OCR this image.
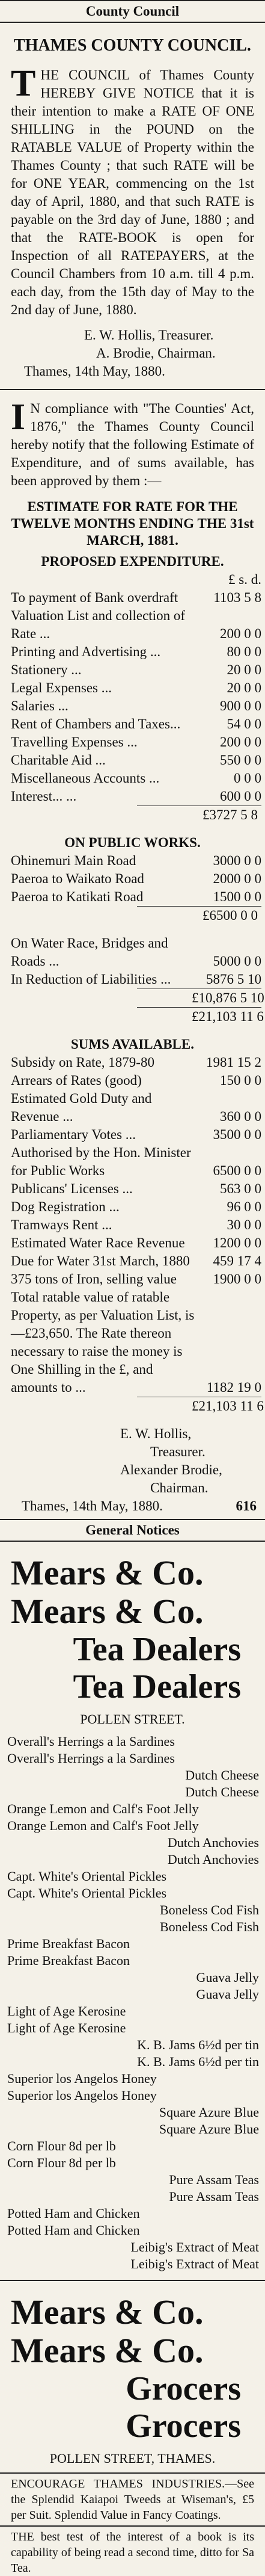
County Council
THAMES COUNTY COUNCIL.

T HE COUNCIL of Thames County HEREBY GIVE NOTICE that it is their intention to make a RATE OF ONE SHILLING in the POUND on the RATABLE VALUE of Property within the Thames County ; that such RATE will be for ONE YEAR, commencing on the 1st day of April, 1880, and that such RATE is payable on the 3rd day of June, 1880 ; and that the RATE-BOOK is open for Inspection of all RATEPAYERS, at the Council Chambers from 10 a.m. till 4 p.m. each day, from the 15th day of May to the 2nd day of June, 1880.

E. W. Hollis, Treasurer.
A. Brodie, Chairman.
Thames, 14th May, 1880.

I N compliance with "The Counties' Act, 1876," the Thames County Council hereby notify that the following Estimate of Expenditure, and of sums available, has been approved by them :—

ESTIMATE FOR RATE FOR THE TWELVE MONTHS ENDING THE 31st MARCH, 1881.
PROPOSED EXPENDITURE.
£ s. d.
To payment of Bank overdraft	1103 5 8
Valuation List and collection of Rate ...	200 0 0
Printing and Advertising ...	80 0 0
Stationery ...	20 0 0
Legal Expenses ...	20 0 0
Salaries ...	900 0 0
Rent of Chambers and Taxes...	54 0 0
Travelling Expenses ...	200 0 0
Charitable Aid ...	550 0 0
Miscellaneous Accounts ...	0 0 0
Interest... ...	600 0 0
£3727 5 8
ON PUBLIC WORKS.
Ohinemuri Main Road	3000 0 0
Paeroa to Waikato Road	2000 0 0
Paeroa to Katikati Road	1500 0 0
£6500 0 0
On Water Race, Bridges and Roads ...	5000 0 0
In Reduction of Liabilities ...	5876 5 10
£10,876 5 10
£21,103 11 6
SUMS AVAILABLE.
Subsidy on Rate, 1879-80	1981 15 2
Arrears of Rates (good)	150 0 0
Estimated Gold Duty and Revenue ...	360 0 0
Parliamentary Votes ...	3500 0 0
Authorised by the Hon. Minister for Public Works	6500 0 0
Publicans' Licenses ...	563 0 0
Dog Registration ...	96 0 0
Tramways Rent ...	30 0 0
Estimated Water Race Revenue	1200 0 0
Due for Water 31st March, 1880	459 17 4
375 tons of Iron, selling value	1900 0 0
Total ratable value of ratable Property, as per Valuation List, is—£23,650. The Rate thereon necessary to raise the money is One Shilling in the £, and amounts to ...	1182 19 0
£21,103 11 6
E. W. Hollis,
Treasurer.
Alexander Brodie,
Chairman.
Thames, 14th May, 1880.	616
General Notices
Mears & Co.
Mears & Co.
Tea Dealers
Tea Dealers
POLLEN STREET.
Overall's Herrings a la Sardines
Overall's Herrings a la Sardines
Dutch Cheese
Dutch Cheese
Orange Lemon and Calf's Foot Jelly
Orange Lemon and Calf's Foot Jelly
Dutch Anchovies
Dutch Anchovies
Capt. White's Oriental Pickles
Capt. White's Oriental Pickles
Boneless Cod Fish
Boneless Cod Fish
Prime Breakfast Bacon
Prime Breakfast Bacon
Guava Jelly
Guava Jelly
Light of Age Kerosine
Light of Age Kerosine
K. B. Jams 6½d per tin
K. B. Jams 6½d per tin
Superior los Angelos Honey
Superior los Angelos Honey
Square Azure Blue
Square Azure Blue
Corn Flour 8d per lb
Corn Flour 8d per lb
Pure Assam Teas
Pure Assam Teas
Potted Ham and Chicken
Potted Ham and Chicken
Leibig's Extract of Meat
Leibig's Extract of Meat
Mears & Co.
Mears & Co.
Grocers
Grocers
POLLEN STREET, THAMES.
ENCOURAGE THAMES INDUSTRIES.—See the Splendid Kaiapoi Tweeds at Wiseman's, £5 per Suit. Splendid Value in Fancy Coatings.
THE best test of the interest of a book is its capability of being read a second time, ditto for Sa Tea.
